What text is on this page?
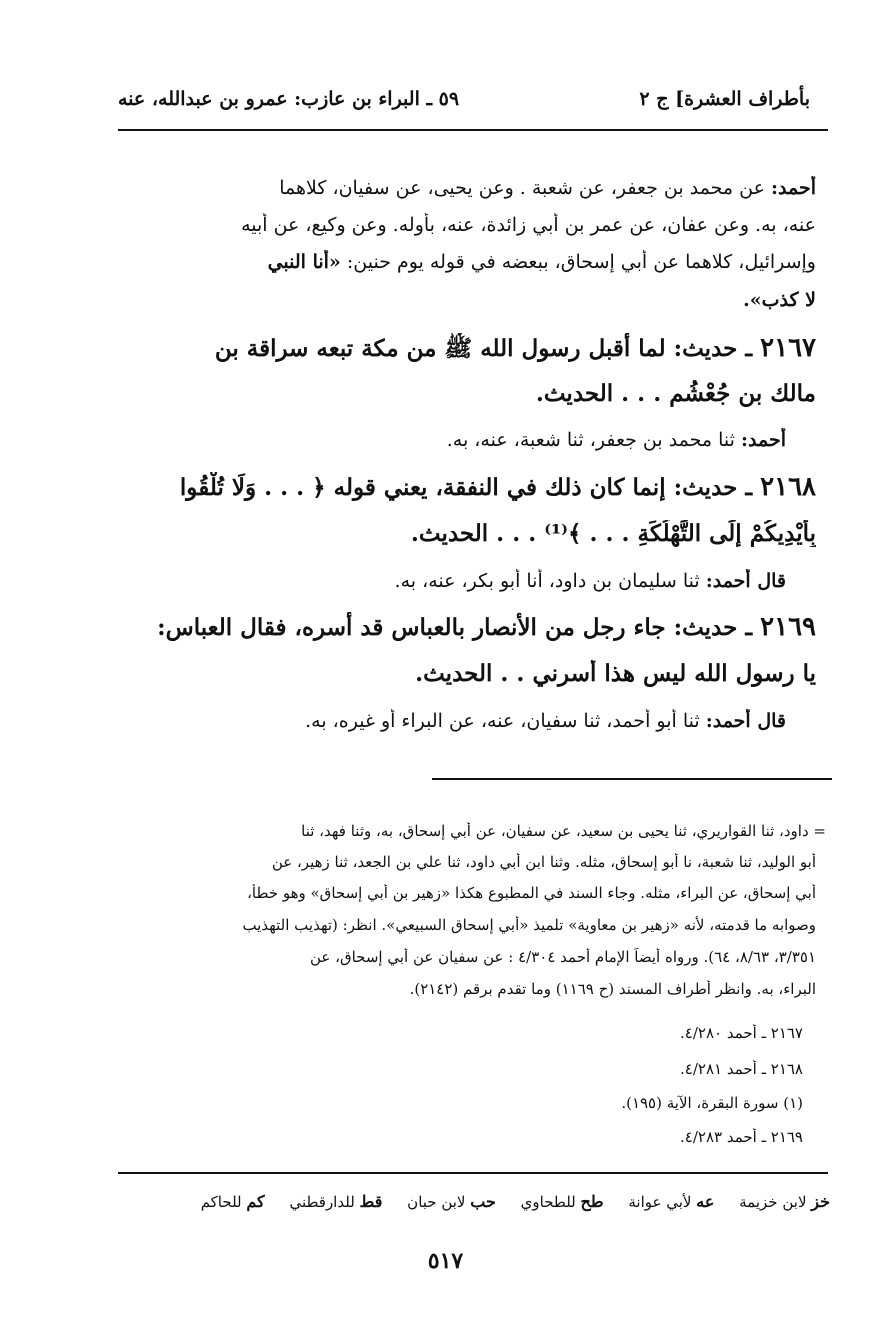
بأطراف العشرة] ج ٢
٥٩ ـ البراء بن عازب: عمرو بن عبدالله، عنه
أحمد: عن محمد بن جعفر، عن شعبة . وعن يحيى، عن سفيان، كلاهما
عنه، به. وعن عفان، عن عمر بن أبي زائدة، عنه، بأوله. وعن وكيع، عن أبيه
وإسرائيل، كلاهما عن أبي إسحاق، ببعضه في قوله يوم حنين: «أنا النبي
لا كذب».
٢١٦٧ ـ حديث: لما أقبل رسول الله ﷺ من مكة تبعه سراقة بن
مالك بن جُعْشُم . . . الحديث.
أحمد: ثنا محمد بن جعفر، ثنا شعبة، عنه، به.
٢١٦٨ ـ حديث: إنما كان ذلك في النفقة، يعني قوله ﴿ . . . وَلَا تُلْقُوا
بِأَيْدِيكُمْ إِلَى التَّهْلُكَةِ . . . ﴾⁽¹⁾ . . . الحديث.
قال أحمد: ثنا سليمان بن داود، أنا أبو بكر، عنه، به.
٢١٦٩ ـ حديث: جاء رجل من الأنصار بالعباس قد أسره، فقال العباس:
يا رسول الله ليس هذا أسرني . . الحديث.
قال أحمد: ثنا أبو أحمد، ثنا سفيان، عنه، عن البراء أو غيره، به.
= داود، ثنا القواريري، ثنا يحيى بن سعيد، عن سفيان، عن أبي إسحاق، به، وثنا فهد، ثنا
أبو الوليد، ثنا شعبة، نا أبو إسحاق، مثله. وثنا ابن أبي داود، ثنا علي بن الجعد، ثنا زهير، عن
أبي إسحاق، عن البراء، مثله. وجاء السند في المطبوع هكذا «زهير بن أبي إسحاق» وهو خطأ،
وصوابه ما قدمته، لأنه «زهير بن معاوية» تلميذ «أبي إسحاق السبيعي». انظر: (تهذيب التهذيب
٣/٣٥١، ٨/٦٣، ٦٤). ورواه أيضاً الإمام أحمد ٤/٣٠٤ : عن سفيان عن أبي إسحاق، عن
البراء، به. وانظر أطراف المسند (ح ١١٦٩) وما تقدم برقم (٢١٤٢).
٢١٦٧ ـ أحمد ٤/٢٨٠.
٢١٦٨ ـ أحمد ٤/٢٨١.
(١) سورة البقرة، الآية (١٩٥).
٢١٦٩ ـ أحمد ٤/٢٨٣.
خز لابن خزيمة عه لأبي عوانة طح للطحاوي حب لابن حبان قط للدارقطني كم للحاكم
٥١٧
